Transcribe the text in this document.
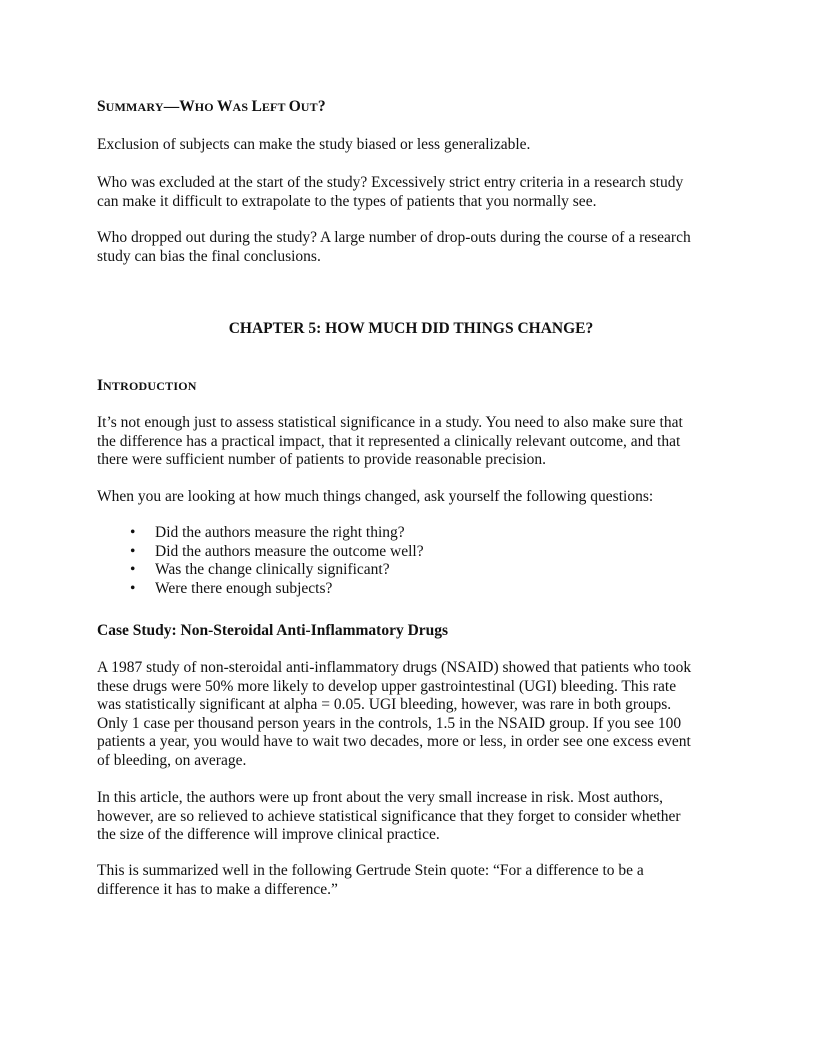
SUMMARY—WHO WAS LEFT OUT?

Exclusion of subjects can make the study biased or less generalizable.

Who was excluded at the start of the study? Excessively strict entry criteria in a research study
can make it difficult to extrapolate to the types of patients that you normally see.

Who dropped out during the study? A large number of drop-outs during the course of a research
study can bias the final conclusions.

CHAPTER 5: HOW MUCH DID THINGS CHANGE?

INTRODUCTION

It’s not enough just to assess statistical significance in a study. You need to also make sure that
the difference has a practical impact, that it represented a clinically relevant outcome, and that
there were sufficient number of patients to provide reasonable precision.

When you are looking at how much things changed, ask yourself the following questions:

• Did the authors measure the right thing?
• Did the authors measure the outcome well?
• Was the change clinically significant?
• Were there enough subjects?

Case Study: Non-Steroidal Anti-Inflammatory Drugs

A 1987 study of non-steroidal anti-inflammatory drugs (NSAID) showed that patients who took
these drugs were 50% more likely to develop upper gastrointestinal (UGI) bleeding. This rate
was statistically significant at alpha = 0.05. UGI bleeding, however, was rare in both groups.
Only 1 case per thousand person years in the controls, 1.5 in the NSAID group. If you see 100
patients a year, you would have to wait two decades, more or less, in order see one excess event
of bleeding, on average.

In this article, the authors were up front about the very small increase in risk. Most authors,
however, are so relieved to achieve statistical significance that they forget to consider whether
the size of the difference will improve clinical practice.

This is summarized well in the following Gertrude Stein quote: “For a difference to be a
difference it has to make a difference.”
